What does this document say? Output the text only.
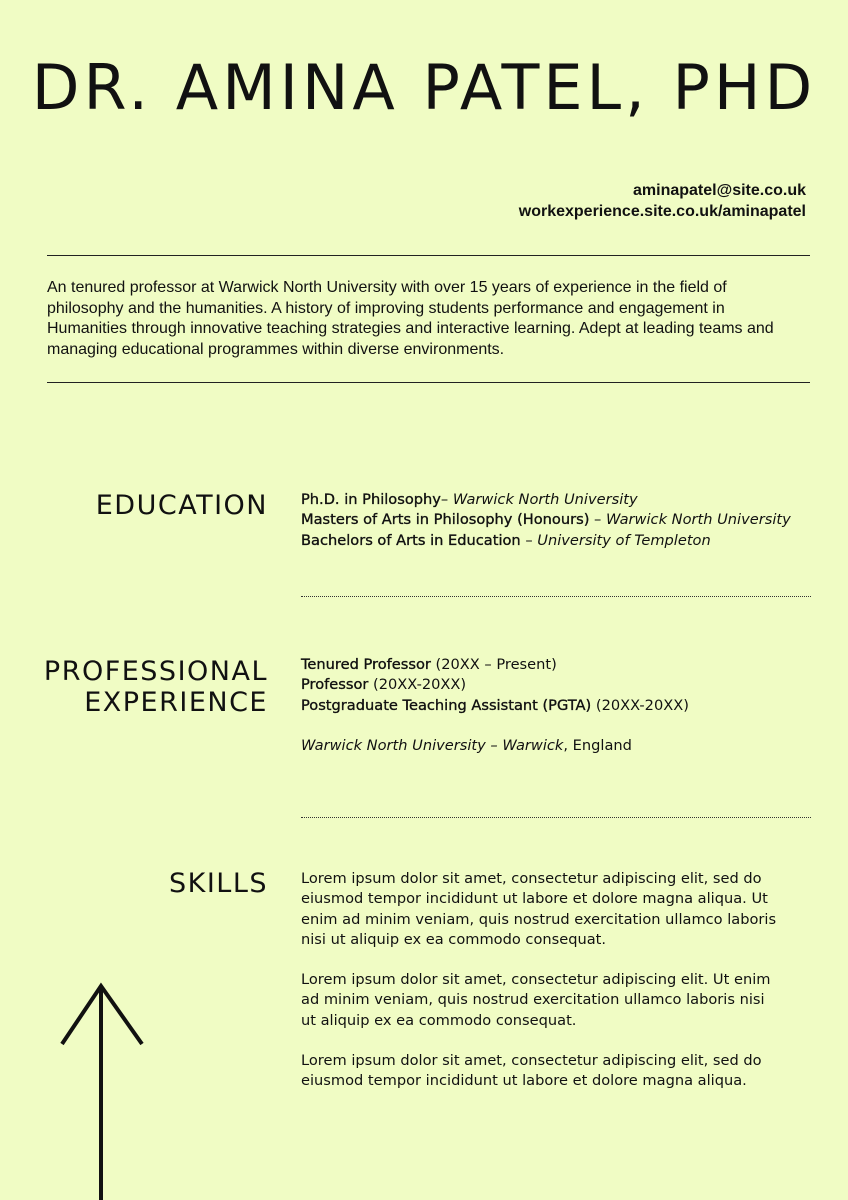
DR. AMINA PATEL, PHD
aminapatel@site.co.uk
workexperience.site.co.uk/aminapatel

An tenured professor at Warwick North University with over 15 years of experience in the field of philosophy and the humanities. A history of improving students performance and engagement in Humanities through innovative teaching strategies and interactive learning. Adept at leading teams and managing educational programmes within diverse environments.

EDUCATION Ph.D. in Philosophy– Warwick North University
Masters of Arts in Philosophy (Honours) – Warwick North University
Bachelors of Arts in Education – University of Templeton
PROFESSIONAL
EXPERIENCE
Tenured Professor (20XX – Present)
Professor (20XX-20XX)
Postgraduate Teaching Assistant (PGTA) (20XX-20XX)
Warwick North University – Warwick, England
SKILLS Lorem ipsum dolor sit amet, consectetur adipiscing elit, sed do eiusmod tempor incididunt ut labore et dolore magna aliqua. Ut enim ad minim veniam, quis nostrud exercitation ullamco laboris nisi ut aliquip ex ea commodo consequat.

Lorem ipsum dolor sit amet, consectetur adipiscing elit. Ut enim ad minim veniam, quis nostrud exercitation ullamco laboris nisi ut aliquip ex ea commodo consequat.

Lorem ipsum dolor sit amet, consectetur adipiscing elit, sed do eiusmod tempor incididunt ut labore et dolore magna aliqua.
